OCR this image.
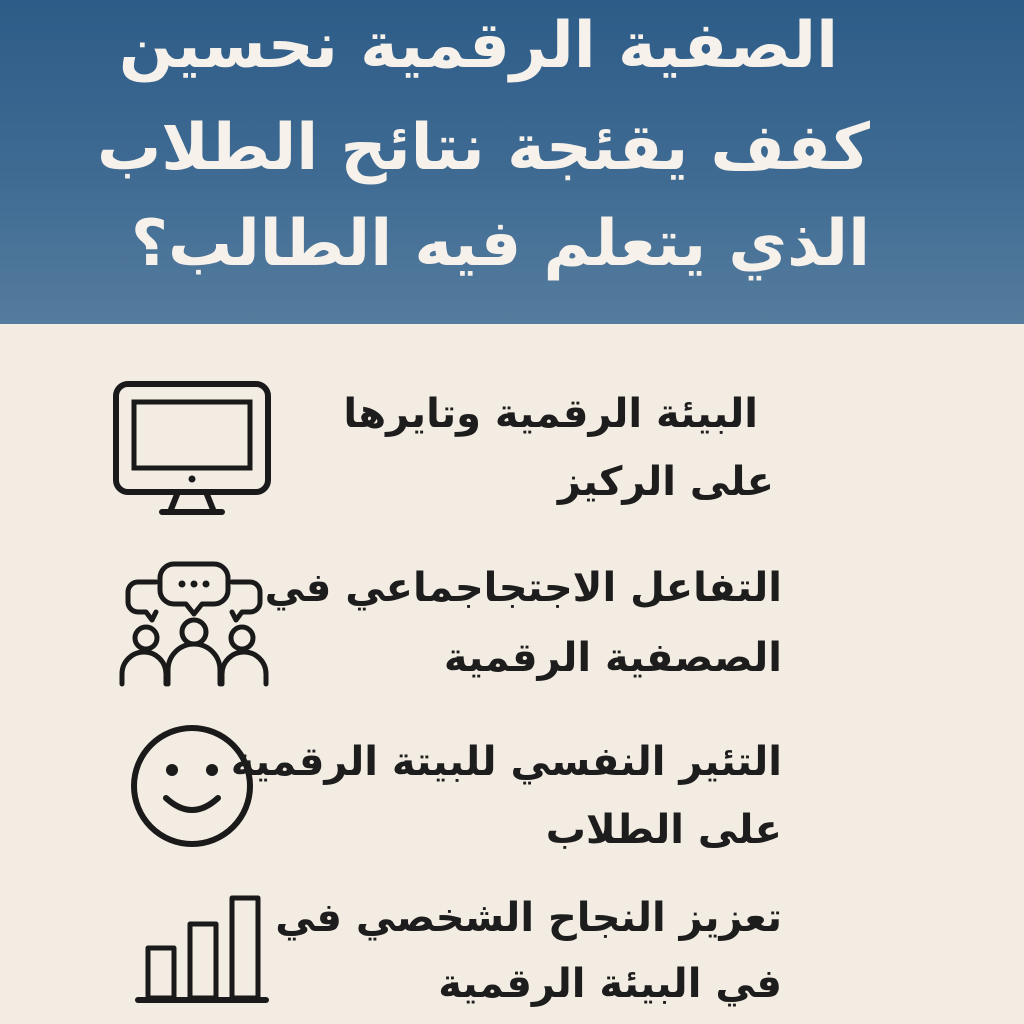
الصفية الرقمية نحسين
كفف يقئجة نتائح الطلاب
الذي يتعلم فيه الطالب؟
البيئة الرقمية وتايرها
على الركيز
التفاعل الاجتجاجماعي في
الصصفية الرقمية
التئير النفسي للبيتة الرقمية
على الطلاب
تعزيز النجاح الشخصي في
في البيئة الرقمية
